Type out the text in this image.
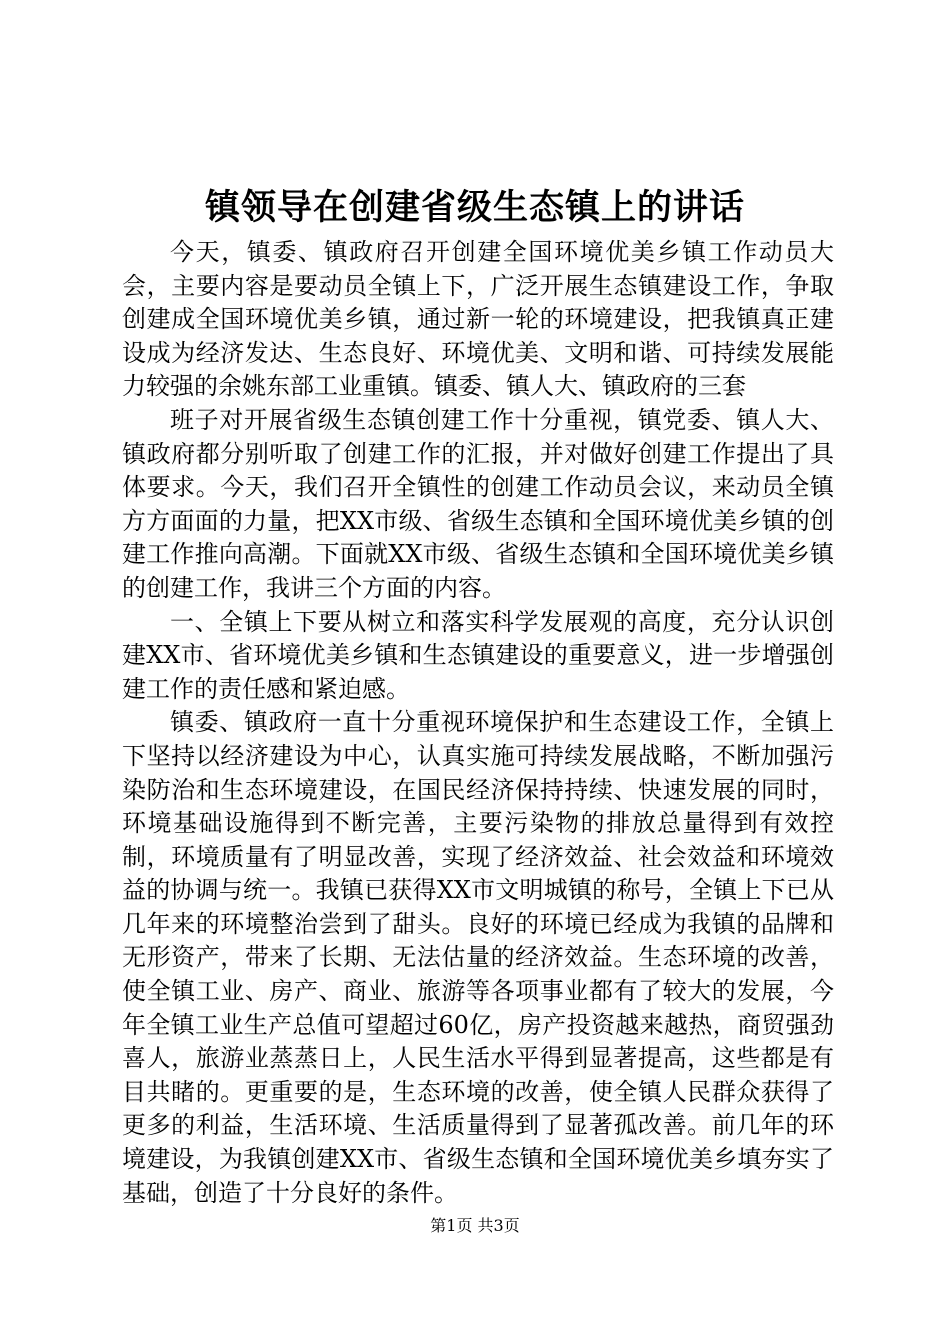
镇领导在创建省级生态镇上的讲话

今天，镇委、镇政府召开创建全国环境优美乡镇工作动员大会，主要内容是要动员全镇上下，广泛开展生态镇建设工作，争取创建成全国环境优美乡镇，通过新一轮的环境建设，把我镇真正建设成为经济发达、生态良好、环境优美、文明和谐、可持续发展能力较强的余姚东部工业重镇。镇委、镇人大、镇政府的三套

班子对开展省级生态镇创建工作十分重视，镇党委、镇人大、镇政府都分别听取了创建工作的汇报，并对做好创建工作提出了具体要求。今天，我们召开全镇性的创建工作动员会议，来动员全镇方方面面的力量，把XX市级、省级生态镇和全国环境优美乡镇的创建工作推向高潮。下面就XX市级、省级生态镇和全国环境优美乡镇的创建工作，我讲三个方面的内容。

一、全镇上下要从树立和落实科学发展观的高度，充分认识创建XX市、省环境优美乡镇和生态镇建设的重要意义，进一步增强创建工作的责任感和紧迫感。

镇委、镇政府一直十分重视环境保护和生态建设工作，全镇上下坚持以经济建设为中心，认真实施可持续发展战略，不断加强污染防治和生态环境建设，在国民经济保持持续、快速发展的同时，环境基础设施得到不断完善，主要污染物的排放总量得到有效控制，环境质量有了明显改善，实现了经济效益、社会效益和环境效益的协调与统一。我镇已获得XX市文明城镇的称号，全镇上下已从几年来的环境整治尝到了甜头。良好的环境已经成为我镇的品牌和无形资产，带来了长期、无法估量的经济效益。生态环境的改善，使全镇工业、房产、商业、旅游等各项事业都有了较大的发展，今年全镇工业生产总值可望超过60亿，房产投资越来越热，商贸强劲喜人，旅游业蒸蒸日上，人民生活水平得到显著提高，这些都是有目共睹的。更重要的是，生态环境的改善，使全镇人民群众获得了更多的利益，生活环境、生活质量得到了显著孤改善。前几年的环境建设，为我镇创建XX市、省级生态镇和全国环境优美乡填夯实了基础，创造了十分良好的条件。

第1页 共3页
